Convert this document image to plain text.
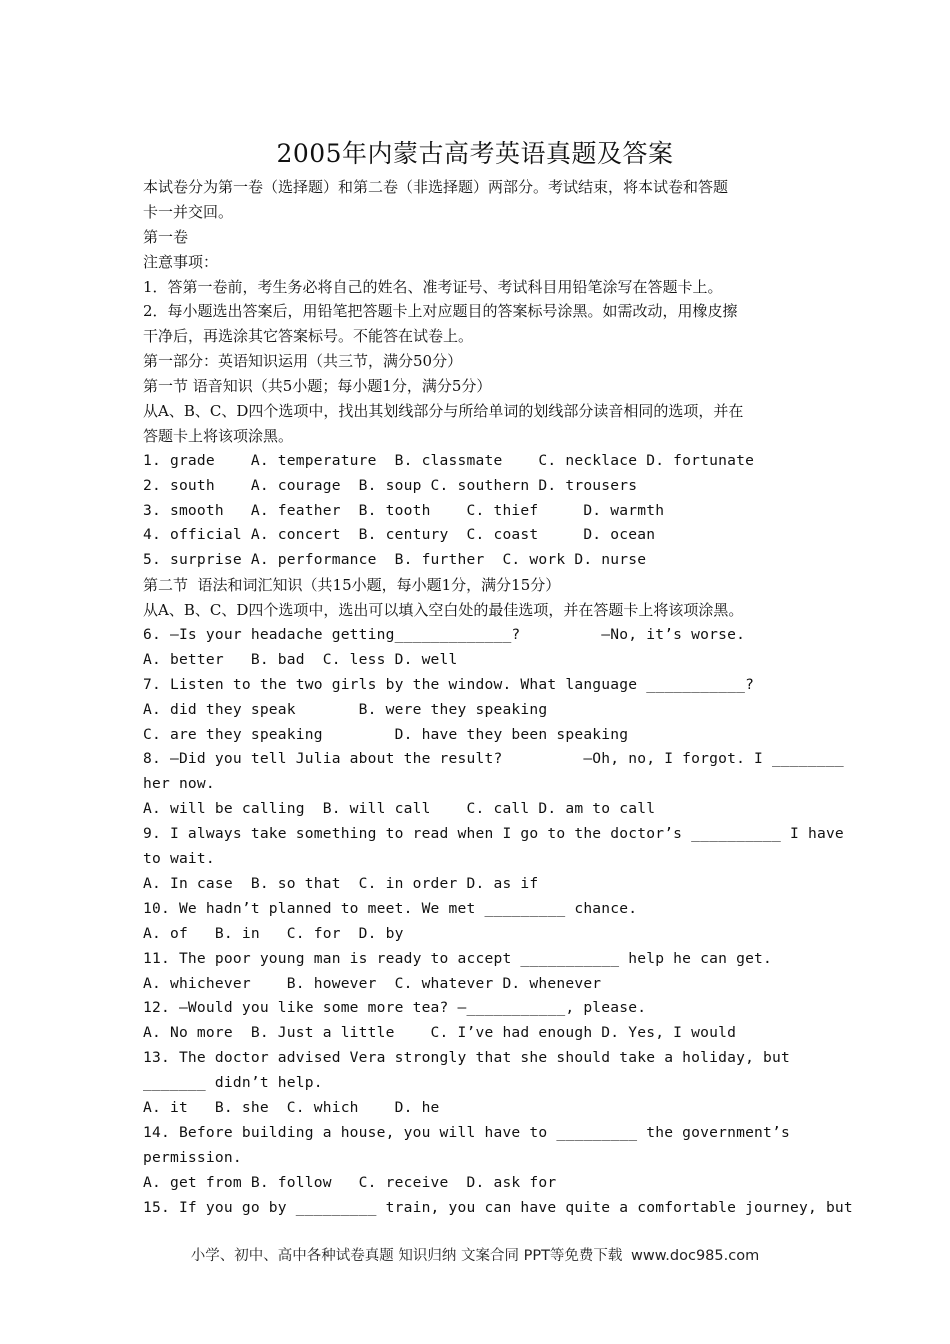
2005年内蒙古高考英语真题及答案
本试卷分为第一卷（选择题）和第二卷（非选择题）两部分。考试结束，将本试卷和答题
卡一并交回。
第一卷
注意事项：
1．答第一卷前，考生务必将自己的姓名、准考证号、考试科目用铅笔涂写在答题卡上。
2．每小题选出答案后，用铅笔把答题卡上对应题目的答案标号涂黑。如需改动，用橡皮擦
干净后，再选涂其它答案标号。不能答在试卷上。
第一部分：英语知识运用（共三节，满分50分）
第一节 语音知识（共5小题；每小题1分，满分5分）
从A、B、C、D四个选项中，找出其划线部分与所给单词的划线部分读音相同的选项，并在
答题卡上将该项涂黑。
1. grade    A. temperature  B. classmate    C. necklace D. fortunate
2. south    A. courage  B. soup C. southern D. trousers
3. smooth   A. feather  B. tooth    C. thief     D. warmth
4. official A. concert  B. century  C. coast     D. ocean
5. surprise A. performance  B. further  C. work D. nurse
第二节  语法和词汇知识（共15小题，每小题1分，满分15分）
从A、B、C、D四个选项中，选出可以填入空白处的最佳选项，并在答题卡上将该项涂黑。
6. —Is your headache getting_____________?         —No, it’s worse.
A. better   B. bad  C. less D. well
7. Listen to the two girls by the window. What language ___________?
A. did they speak       B. were they speaking
C. are they speaking        D. have they been speaking
8. —Did you tell Julia about the result?         —Oh, no, I forgot. I ________
her now.
A. will be calling  B. will call    C. call D. am to call
9. I always take something to read when I go to the doctor’s __________ I have
to wait.
A. In case  B. so that  C. in order D. as if
10. We hadn’t planned to meet. We met _________ chance.
A. of   B. in   C. for  D. by
11. The poor young man is ready to accept ___________ help he can get.
A. whichever    B. however  C. whatever D. whenever
12. —Would you like some more tea? —___________, please.
A. No more  B. Just a little    C. I’ve had enough D. Yes, I would
13. The doctor advised Vera strongly that she should take a holiday, but
_______ didn’t help.
A. it   B. she  C. which    D. he
14. Before building a house, you will have to _________ the government’s
permission.
A. get from B. follow   C. receive  D. ask for
15. If you go by _________ train, you can have quite a comfortable journey, but
小学、初中、高中各种试卷真题 知识归纳 文案合同 PPT等免费下载 www.doc985.com
